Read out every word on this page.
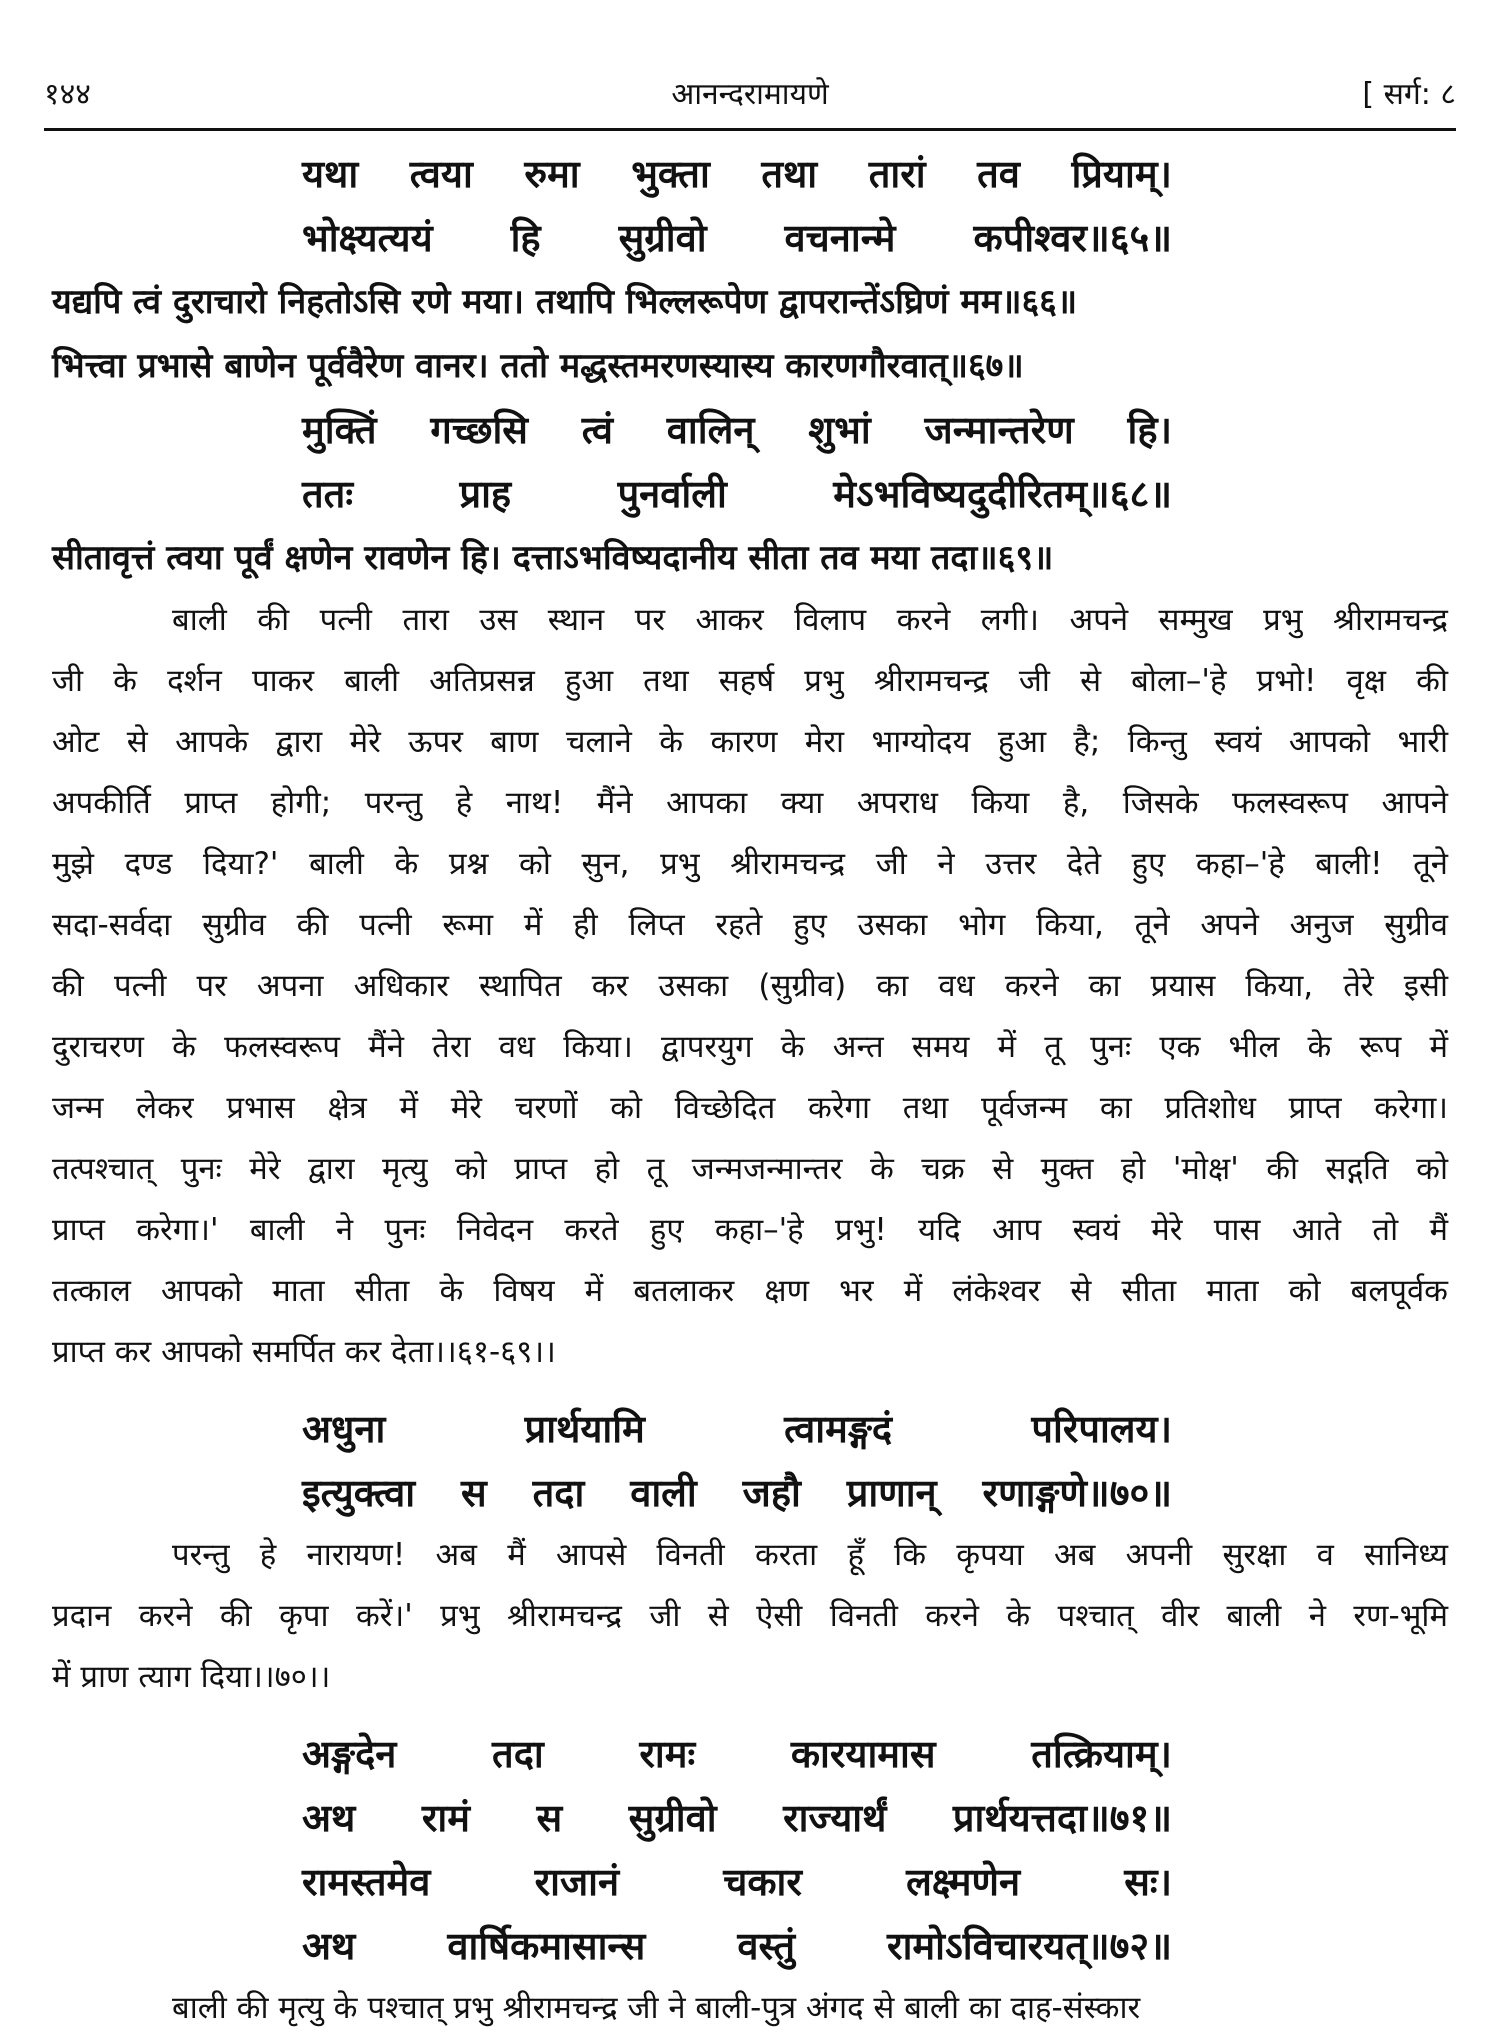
१४४	आनन्दरामायणे	[ सर्ग: ८
यथा त्वया रुमा भुक्ता तथा तारां तव प्रियाम्।
भोक्ष्यत्ययं हि सुग्रीवो वचनान्मे कपीश्वर॥६५॥
यद्यपि त्वं दुराचारो निहतोऽसि रणे मया। तथापि भिल्लरूपेण द्वापरान्तेंऽघ्रिणं मम॥६६॥
भित्त्वा प्रभासे बाणेन पूर्ववैरेण वानर। ततो मद्धस्तमरणस्यास्य कारणगौरवात्॥६७॥
मुक्तिं गच्छसि त्वं वालिन् शुभां जन्मान्तरेण हि।
ततः	प्राह	पुनर्वाली	मेऽभविष्यदुदीरितम्॥६८॥
सीतावृत्तं त्वया पूर्वं क्षणेन रावणेन हि। दत्ताऽभविष्यदानीय सीता तव मया तदा॥६९॥
बाली की पत्नी तारा उस स्थान पर आकर विलाप करने लगी। अपने सम्मुख प्रभु श्रीरामचन्द्र
जी के दर्शन पाकर बाली अतिप्रसन्न हुआ तथा सहर्ष प्रभु श्रीरामचन्द्र जी से बोला–'हे प्रभो! वृक्ष की
ओट से आपके द्वारा मेरे ऊपर बाण चलाने के कारण मेरा भाग्योदय हुआ है; किन्तु स्वयं आपको भारी
अपकीर्ति प्राप्त होगी; परन्तु हे नाथ! मैंने आपका क्या अपराध किया है, जिसके फलस्वरूप आपने
मुझे दण्ड दिया?' बाली के प्रश्न को सुन, प्रभु श्रीरामचन्द्र जी ने उत्तर देते हुए कहा–'हे बाली! तूने
सदा-सर्वदा सुग्रीव की पत्नी रूमा में ही लिप्त रहते हुए उसका भोग किया, तूने अपने अनुज सुग्रीव
की पत्नी पर अपना अधिकार स्थापित कर उसका (सुग्रीव) का वध करने का प्रयास किया, तेरे इसी
दुराचरण के फलस्वरूप मैंने तेरा वध किया। द्वापरयुग के अन्त समय में तू पुनः एक भील के रूप में
जन्म लेकर प्रभास क्षेत्र में मेरे चरणों को विच्छेदित करेगा तथा पूर्वजन्म का प्रतिशोध प्राप्त करेगा।
तत्पश्चात् पुनः मेरे द्वारा मृत्यु को प्राप्त हो तू जन्मजन्मान्तर के चक्र से मुक्त हो 'मोक्ष' की सद्गति को
प्राप्त करेगा।' बाली ने पुनः निवेदन करते हुए कहा–'हे प्रभु! यदि आप स्वयं मेरे पास आते तो मैं
तत्काल आपको माता सीता के विषय में बतलाकर क्षण भर में लंकेश्वर से सीता माता को बलपूर्वक
प्राप्त कर आपको समर्पित कर देता।।६१-६९।।
अधुना	प्रार्थयामि	त्वामङ्गदं	परिपालय।
इत्युक्त्वा स तदा वाली जहौ प्राणान् रणाङ्गणे॥७०॥
परन्तु हे नारायण! अब मैं आपसे विनती करता हूँ कि कृपया अब अपनी सुरक्षा व सानिध्य
प्रदान करने की कृपा करें।' प्रभु श्रीरामचन्द्र जी से ऐसी विनती करने के पश्चात् वीर बाली ने रण-भूमि
में प्राण त्याग दिया।।७०।।
अङ्गदेन	तदा	रामः	कारयामास	तत्क्रियाम्।
अथ रामं स सुग्रीवो राज्यार्थं प्रार्थयत्तदा॥७१॥
रामस्तमेव	राजानं	चकार	लक्ष्मणेन	सः।
अथ वार्षिकमासान्स वस्तुं रामोऽविचारयत्॥७२॥
बाली की मृत्यु के पश्चात् प्रभु श्रीरामचन्द्र जी ने बाली-पुत्र अंगद से बाली का दाह-संस्कार
